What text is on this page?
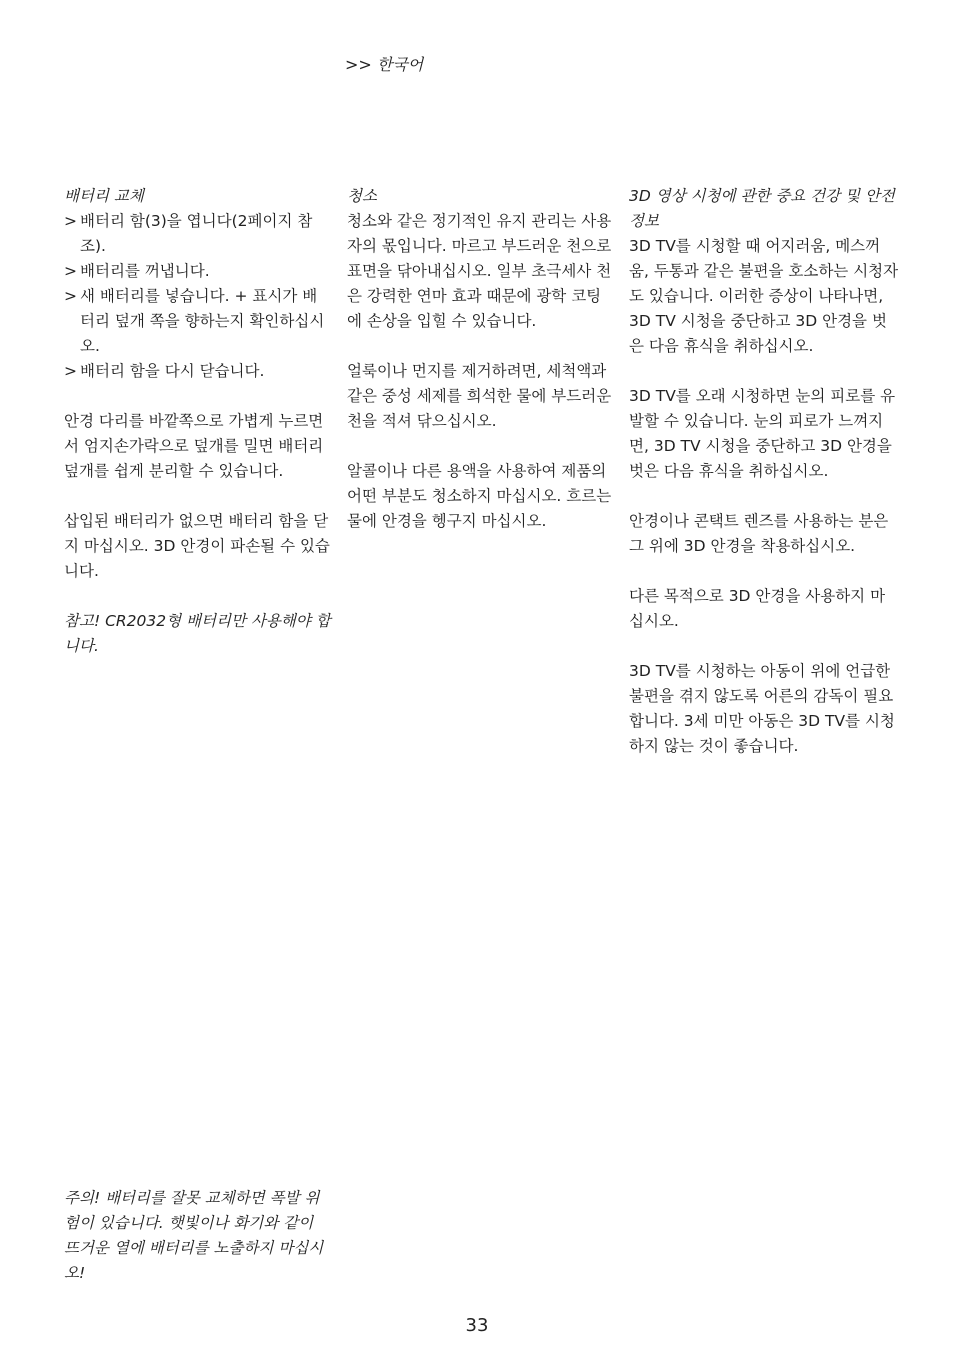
>> 한국어
배터리 교체
> 배터리 함(3)을 엽니다(2페이지 참조).
> 배터리를 꺼냅니다.
> 새 배터리를 넣습니다. + 표시가 배터리 덮개 쪽을 향하는지 확인하십시오.
> 배터리 함을 다시 닫습니다.

안경 다리를 바깥쪽으로 가볍게 누르면서 엄지손가락으로 덮개를 밀면 배터리 덮개를 쉽게 분리할 수 있습니다.

삽입된 배터리가 없으면 배터리 함을 닫지 마십시오. 3D 안경이 파손될 수 있습니다.

참고! CR2032형 배터리만 사용해야 합니다.

청소

청소와 같은 정기적인 유지 관리는 사용자의 몫입니다. 마르고 부드러운 천으로 표면을 닦아내십시오. 일부 초극세사 천은 강력한 연마 효과 때문에 광학 코팅에 손상을 입힐 수 있습니다.

얼룩이나 먼지를 제거하려면, 세척액과 같은 중성 세제를 희석한 물에 부드러운 천을 적셔 닦으십시오.

알콜이나 다른 용액을 사용하여 제품의 어떤 부분도 청소하지 마십시오. 흐르는 물에 안경을 헹구지 마십시오.

3D 영상 시청에 관한 중요 건강 및 안전 정보

3D TV를 시청할 때 어지러움, 메스꺼움, 두통과 같은 불편을 호소하는 시청자도 있습니다. 이러한 증상이 나타나면, 3D TV 시청을 중단하고 3D 안경을 벗은 다음 휴식을 취하십시오.

3D TV를 오래 시청하면 눈의 피로를 유발할 수 있습니다. 눈의 피로가 느껴지면, 3D TV 시청을 중단하고 3D 안경을 벗은 다음 휴식을 취하십시오.

안경이나 콘택트 렌즈를 사용하는 분은 그 위에 3D 안경을 착용하십시오.

다른 목적으로 3D 안경을 사용하지 마십시오.

3D TV를 시청하는 아동이 위에 언급한 불편을 겪지 않도록 어른의 감독이 필요합니다. 3세 미만 아동은 3D TV를 시청하지 않는 것이 좋습니다.

주의! 배터리를 잘못 교체하면 폭발 위험이 있습니다. 햇빛이나 화기와 같이 뜨거운 열에 배터리를 노출하지 마십시오!
33
